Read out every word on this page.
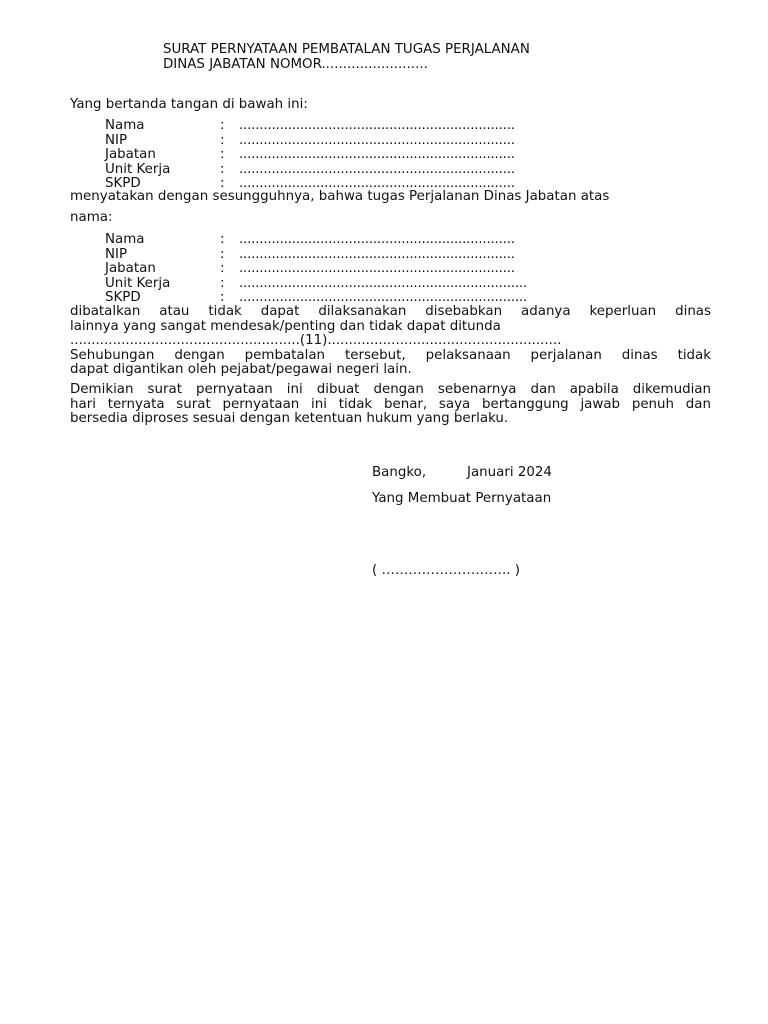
SURAT PERNYATAAN PEMBATALAN TUGAS PERJALANAN
DINAS JABATAN NOMOR.........................
Yang bertanda tangan di bawah ini:
Nama	: ....................................................................
NIP	: ....................................................................
Jabatan	: ....................................................................
Unit Kerja	: ....................................................................
SKPD	: ....................................................................
menyatakan dengan sesungguhnya, bahwa tugas Perjalanan Dinas Jabatan atas
nama:
Nama	: ....................................................................
NIP	: ....................................................................
Jabatan	: ....................................................................
Unit Kerja	: .......................................................................
SKPD	: .......................................................................
dibatalkan atau tidak dapat dilaksanakan disebabkan adanya keperluan dinas
lainnya yang sangat mendesak/penting dan tidak dapat ditunda
......................................................(11).......................................................
Sehubungan dengan pembatalan tersebut, pelaksanaan perjalanan dinas tidak
dapat digantikan oleh pejabat/pegawai negeri lain.
Demikian surat pernyataan ini dibuat dengan sebenarnya dan apabila dikemudian
hari ternyata surat pernyataan ini tidak benar, saya bertanggung jawab penuh dan
bersedia diproses sesuai dengan ketentuan hukum yang berlaku.
Bangko,	Januari 2024
Yang Membuat Pernyataan
( ……………………….. )
